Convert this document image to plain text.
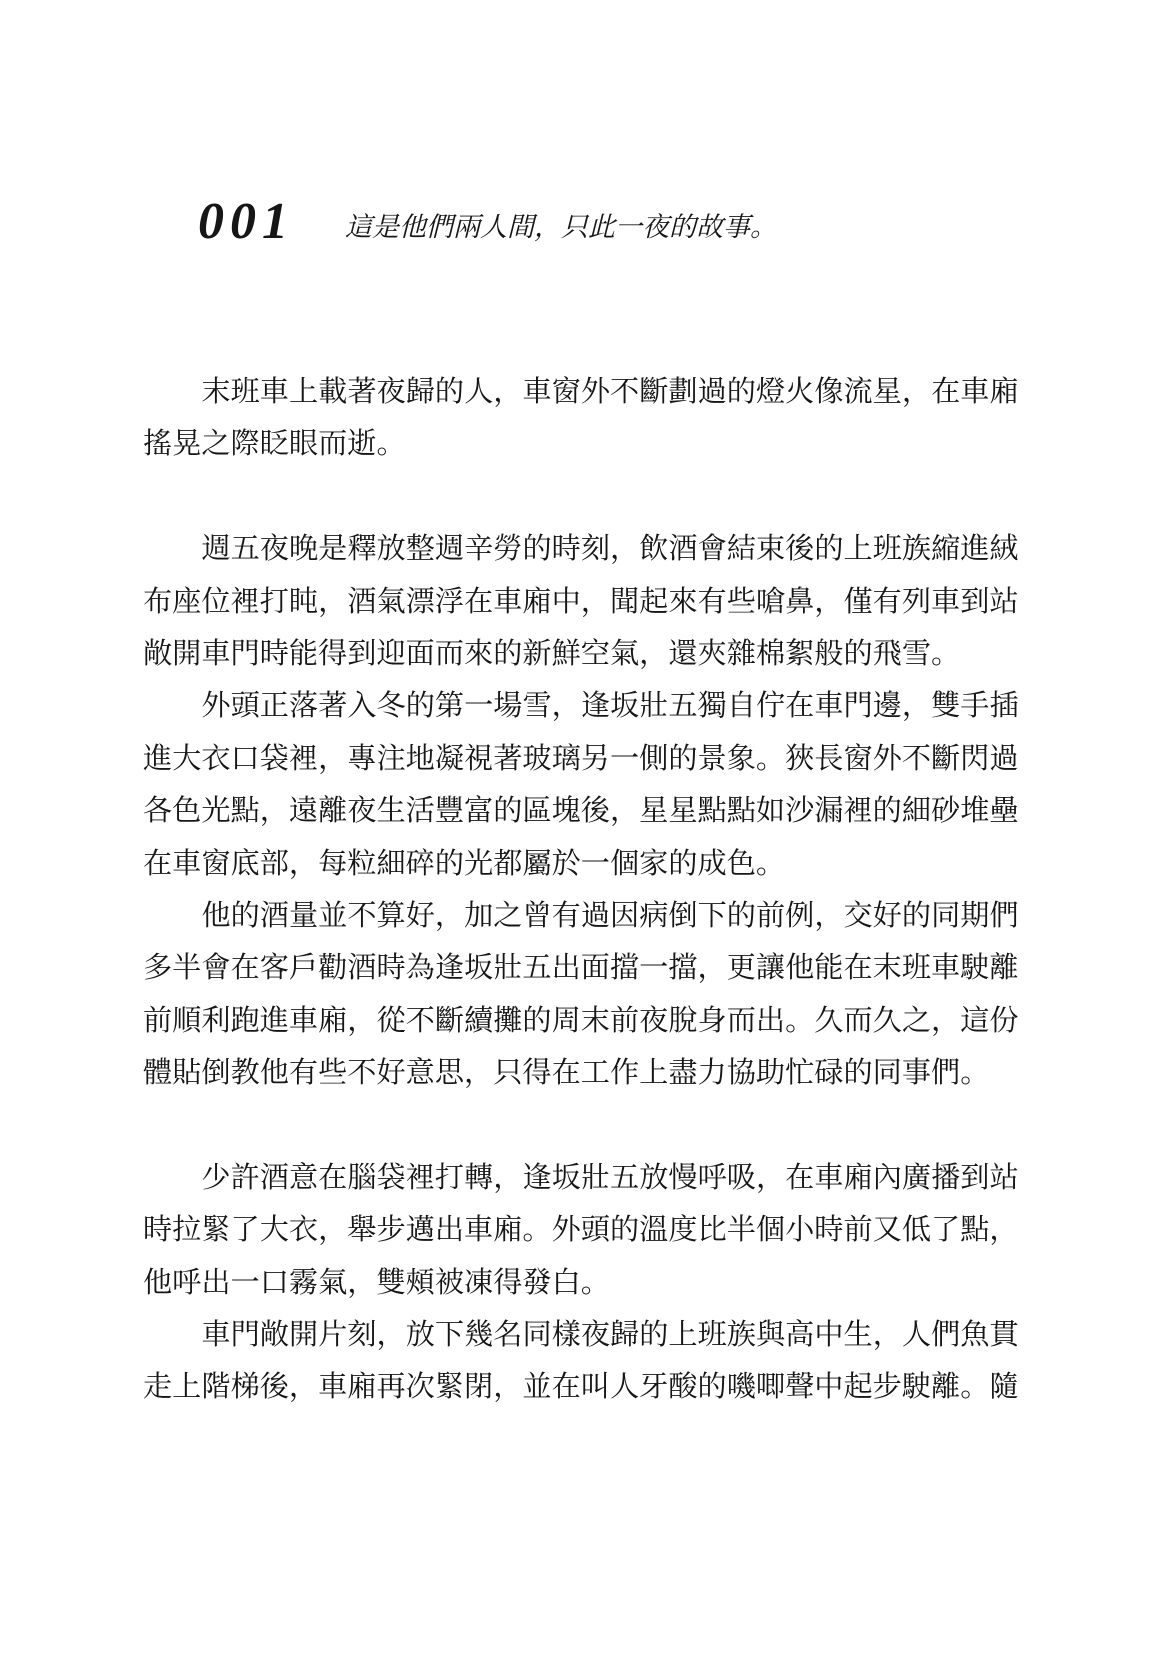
001 這是他們兩人間，只此一夜的故事。
末班車上載著夜歸的人，車窗外不斷劃過的燈火像流星，在車廂
搖晃之際眨眼而逝。
週五夜晚是釋放整週辛勞的時刻，飲酒會結束後的上班族縮進絨
布座位裡打盹，酒氣漂浮在車廂中，聞起來有些嗆鼻，僅有列車到站
敞開車門時能得到迎面而來的新鮮空氣，還夾雜棉絮般的飛雪。
外頭正落著入冬的第一場雪，逢坂壯五獨自佇在車門邊，雙手插
進大衣口袋裡，專注地凝視著玻璃另一側的景象。狹長窗外不斷閃過
各色光點，遠離夜生活豐富的區塊後，星星點點如沙漏裡的細砂堆壘
在車窗底部，每粒細碎的光都屬於一個家的成色。
他的酒量並不算好，加之曾有過因病倒下的前例，交好的同期們
多半會在客戶勸酒時為逢坂壯五出面擋一擋，更讓他能在末班車駛離
前順利跑進車廂，從不斷續攤的周末前夜脫身而出。久而久之，這份
體貼倒教他有些不好意思，只得在工作上盡力協助忙碌的同事們。
少許酒意在腦袋裡打轉，逢坂壯五放慢呼吸，在車廂內廣播到站
時拉緊了大衣，舉步邁出車廂。外頭的溫度比半個小時前又低了點，
他呼出一口霧氣，雙頰被凍得發白。
車門敞開片刻，放下幾名同樣夜歸的上班族與高中生，人們魚貫
走上階梯後，車廂再次緊閉，並在叫人牙酸的嘰唧聲中起步駛離。隨
